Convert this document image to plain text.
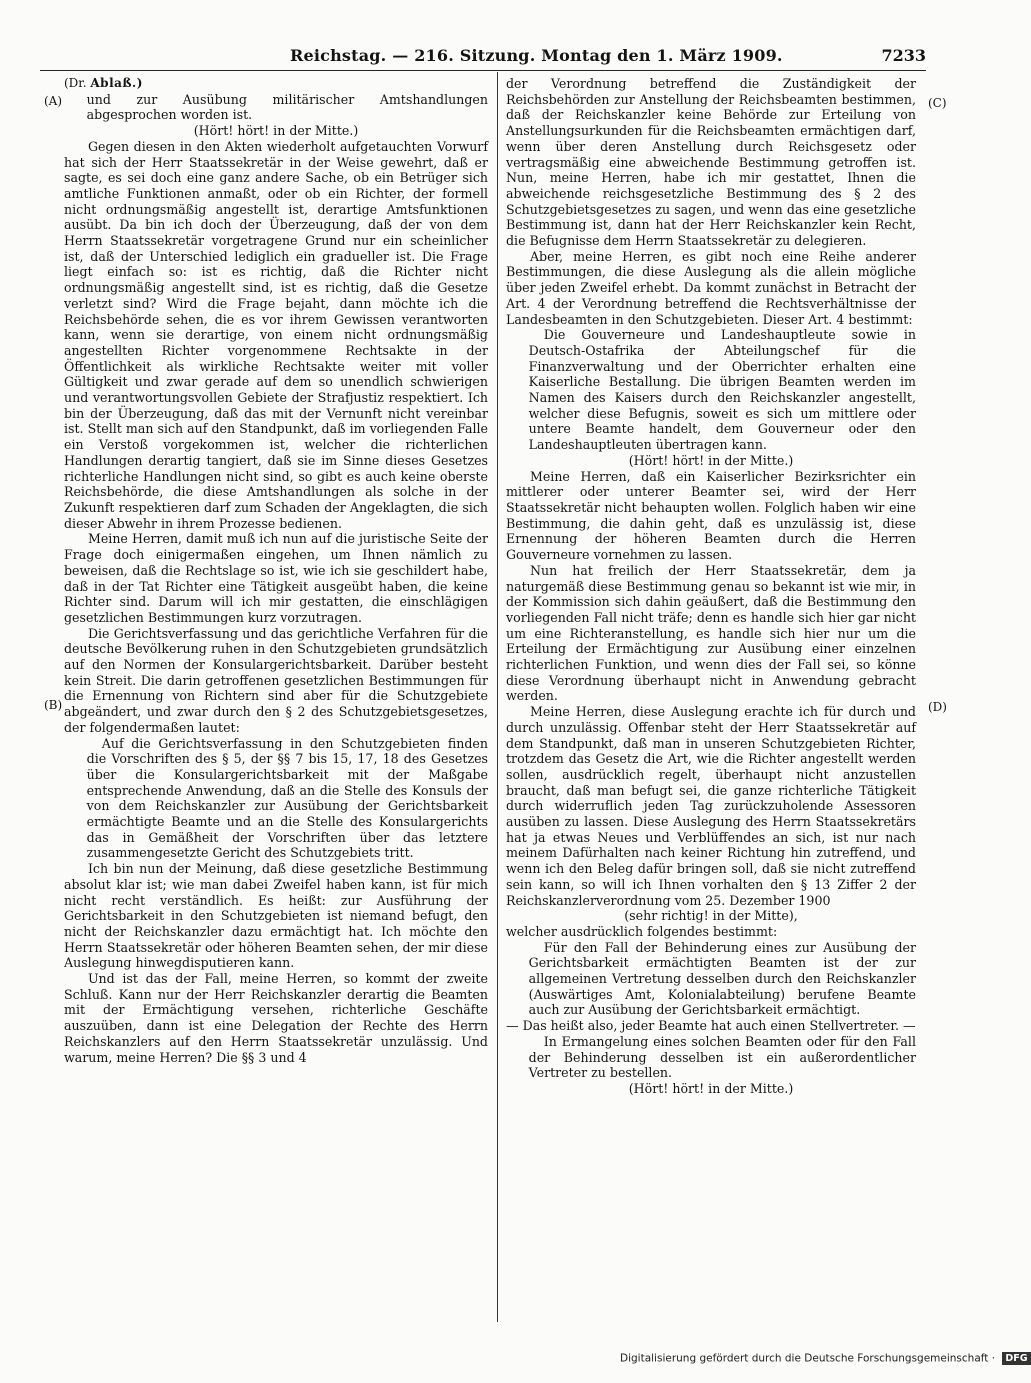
Reichstag. — 216. Sitzung. Montag den 1. März 1909.	7233
(A)
(B)
(C)
(D)

(Dr. Ablaß.)

und zur Ausübung militärischer Amtshandlungen abgesprochen worden ist.

(Hört! hört! in der Mitte.)

Gegen diesen in den Akten wiederholt aufgetauchten Vorwurf hat sich der Herr Staatssekretär in der Weise gewehrt, daß er sagte, es sei doch eine ganz andere Sache, ob ein Betrüger sich amtliche Funktionen anmaßt, oder ob ein Richter, der formell nicht ordnungsmäßig angestellt ist, derartige Amtsfunktionen ausübt. Da bin ich doch der Überzeugung, daß der von dem Herrn Staatssekretär vorgetragene Grund nur ein scheinlicher ist, daß der Unterschied lediglich ein gradueller ist. Die Frage liegt einfach so: ist es richtig, daß die Richter nicht ordnungsmäßig angestellt sind, ist es richtig, daß die Gesetze verletzt sind? Wird die Frage bejaht, dann möchte ich die Reichsbehörde sehen, die es vor ihrem Gewissen verantworten kann, wenn sie derartige, von einem nicht ordnungsmäßig angestellten Richter vorgenommene Rechtsakte in der Öffentlichkeit als wirkliche Rechtsakte weiter mit voller Gültigkeit und zwar gerade auf dem so unendlich schwierigen und verantwortungsvollen Gebiete der Strafjustiz respektiert. Ich bin der Überzeugung, daß das mit der Vernunft nicht vereinbar ist. Stellt man sich auf den Standpunkt, daß im vorliegenden Falle ein Verstoß vorgekommen ist, welcher die richterlichen Handlungen derartig tangiert, daß sie im Sinne dieses Gesetzes richterliche Handlungen nicht sind, so gibt es auch keine oberste Reichsbehörde, die diese Amtshandlungen als solche in der Zukunft respektieren darf zum Schaden der Angeklagten, die sich dieser Abwehr in ihrem Prozesse bedienen.

Meine Herren, damit muß ich nun auf die juristische Seite der Frage doch einigermaßen eingehen, um Ihnen nämlich zu beweisen, daß die Rechtslage so ist, wie ich sie geschildert habe, daß in der Tat Richter eine Tätigkeit ausgeübt haben, die keine Richter sind. Darum will ich mir gestatten, die einschlägigen gesetzlichen Bestimmungen kurz vorzutragen.

Die Gerichtsverfassung und das gerichtliche Verfahren für die deutsche Bevölkerung ruhen in den Schutzgebieten grundsätzlich auf den Normen der Konsulargerichtsbarkeit. Darüber besteht kein Streit. Die darin getroffenen gesetzlichen Bestimmungen für die Ernennung von Richtern sind aber für die Schutzgebiete abgeändert, und zwar durch den § 2 des Schutzgebietsgesetzes, der folgendermaßen lautet:

Auf die Gerichtsverfassung in den Schutzgebieten finden die Vorschriften des § 5, der §§ 7 bis 15, 17, 18 des Gesetzes über die Konsulargerichtsbarkeit mit der Maßgabe entsprechende Anwendung, daß an die Stelle des Konsuls der von dem Reichskanzler zur Ausübung der Gerichtsbarkeit ermächtigte Beamte und an die Stelle des Konsulargerichts das in Gemäßheit der Vorschriften über das letztere zusammengesetzte Gericht des Schutzgebiets tritt.

Ich bin nun der Meinung, daß diese gesetzliche Bestimmung absolut klar ist; wie man dabei Zweifel haben kann, ist für mich nicht recht verständlich. Es heißt: zur Ausführung der Gerichtsbarkeit in den Schutzgebieten ist niemand befugt, den nicht der Reichskanzler dazu ermächtigt hat. Ich möchte den Herrn Staatssekretär oder höheren Beamten sehen, der mir diese Auslegung hinwegdisputieren kann.

Und ist das der Fall, meine Herren, so kommt der zweite Schluß. Kann nur der Herr Reichskanzler derartig die Beamten mit der Ermächtigung versehen, richterliche Geschäfte auszuüben, dann ist eine Delegation der Rechte des Herrn Reichskanzlers auf den Herrn Staatssekretär unzulässig. Und warum, meine Herren? Die §§ 3 und 4

der Verordnung betreffend die Zuständigkeit der Reichsbehörden zur Anstellung der Reichsbeamten bestimmen, daß der Reichskanzler keine Behörde zur Erteilung von Anstellungsurkunden für die Reichsbeamten ermächtigen darf, wenn über deren Anstellung durch Reichsgesetz oder vertragsmäßig eine abweichende Bestimmung getroffen ist. Nun, meine Herren, habe ich mir gestattet, Ihnen die abweichende reichsgesetzliche Bestimmung des § 2 des Schutzgebietsgesetzes zu sagen, und wenn das eine gesetzliche Bestimmung ist, dann hat der Herr Reichskanzler kein Recht, die Befugnisse dem Herrn Staatssekretär zu delegieren.

Aber, meine Herren, es gibt noch eine Reihe anderer Bestimmungen, die diese Auslegung als die allein mögliche über jeden Zweifel erhebt. Da kommt zunächst in Betracht der Art. 4 der Verordnung betreffend die Rechtsverhältnisse der Landesbeamten in den Schutzgebieten. Dieser Art. 4 bestimmt:

Die Gouverneure und Landeshauptleute sowie in Deutsch-Ostafrika der Abteilungschef für die Finanzverwaltung und der Oberrichter erhalten eine Kaiserliche Bestallung. Die übrigen Beamten werden im Namen des Kaisers durch den Reichskanzler angestellt, welcher diese Befugnis, soweit es sich um mittlere oder untere Beamte handelt, dem Gouverneur oder den Landeshauptleuten übertragen kann.

(Hört! hört! in der Mitte.)

Meine Herren, daß ein Kaiserlicher Bezirksrichter ein mittlerer oder unterer Beamter sei, wird der Herr Staatssekretär nicht behaupten wollen. Folglich haben wir eine Bestimmung, die dahin geht, daß es unzulässig ist, diese Ernennung der höheren Beamten durch die Herren Gouverneure vornehmen zu lassen.

Nun hat freilich der Herr Staatssekretär, dem ja naturgemäß diese Bestimmung genau so bekannt ist wie mir, in der Kommission sich dahin geäußert, daß die Bestimmung den vorliegenden Fall nicht träfe; denn es handle sich hier gar nicht um eine Richteranstellung, es handle sich hier nur um die Erteilung der Ermächtigung zur Ausübung einer einzelnen richterlichen Funktion, und wenn dies der Fall sei, so könne diese Verordnung überhaupt nicht in Anwendung gebracht werden.

Meine Herren, diese Auslegung erachte ich für durch und durch unzulässig. Offenbar steht der Herr Staatssekretär auf dem Standpunkt, daß man in unseren Schutzgebieten Richter, trotzdem das Gesetz die Art, wie die Richter angestellt werden sollen, ausdrücklich regelt, überhaupt nicht anzustellen braucht, daß man befugt sei, die ganze richterliche Tätigkeit durch widerruflich jeden Tag zurückzuholende Assessoren ausüben zu lassen. Diese Auslegung des Herrn Staatssekretärs hat ja etwas Neues und Verblüffendes an sich, ist nur nach meinem Dafürhalten nach keiner Richtung hin zutreffend, und wenn ich den Beleg dafür bringen soll, daß sie nicht zutreffend sein kann, so will ich Ihnen vorhalten den § 13 Ziffer 2 der Reichskanzlerverordnung vom 25. Dezember 1900

(sehr richtig! in der Mitte),

welcher ausdrücklich folgendes bestimmt:

Für den Fall der Behinderung eines zur Ausübung der Gerichtsbarkeit ermächtigten Beamten ist der zur allgemeinen Vertretung desselben durch den Reichskanzler (Auswärtiges Amt, Kolonialabteilung) berufene Beamte auch zur Ausübung der Gerichtsbarkeit ermächtigt.

— Das heißt also, jeder Beamte hat auch einen Stellvertreter. —

In Ermangelung eines solchen Beamten oder für den Fall der Behinderung desselben ist ein außerordentlicher Vertreter zu bestellen.

(Hört! hört! in der Mitte.)

Digitalisierung gefördert durch die Deutsche Forschungsgemeinschaft · DFG
